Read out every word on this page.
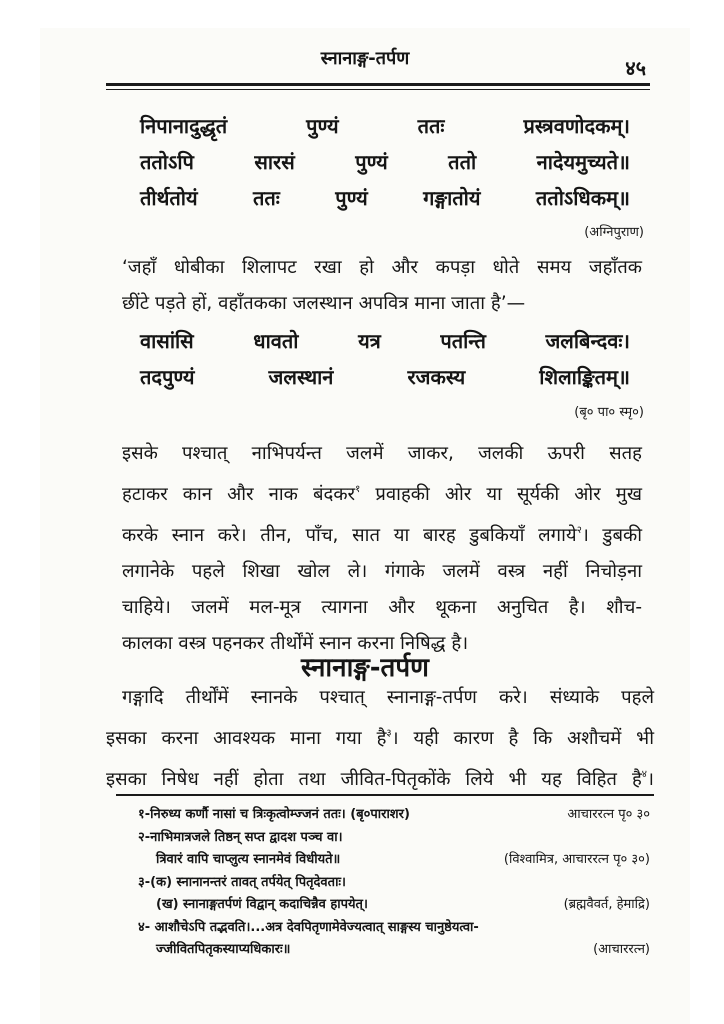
स्नानाङ्ग-तर्पण	४५
निपानादुद्धृतं पुण्यं ततः प्रस्त्रवणोदकम्।
ततोऽपि सारसं पुण्यं ततो नादेयमुच्यते॥
तीर्थतोयं ततः पुण्यं गङ्गातोयं ततोऽधिकम्॥
(अग्निपुराण)
‘जहाँ धोबीका शिलापट रखा हो और कपड़ा धोते समय जहाँतक
छींटे पड़ते हों, वहाँतकका जलस्थान अपवित्र माना जाता है’—
वासांसि धावतो यत्र पतन्ति जलबिन्दवः।
तदपुण्यं जलस्थानं रजकस्य शिलाङ्कितम्॥
(बृ० पा० स्मृ०)
इसके पश्चात् नाभिपर्यन्त जलमें जाकर, जलकी ऊपरी सतह
हटाकर कान और नाक बंदकर$^१$ प्रवाहकी ओर या सूर्यकी ओर मुख
करके स्नान करे। तीन, पाँच, सात या बारह डुबकियाँ लगाये$^२$। डुबकी
लगानेके पहले शिखा खोल ले। गंगाके जलमें वस्त्र नहीं निचोड़ना
चाहिये। जलमें मल-मूत्र त्यागना और थूकना अनुचित है। शौच-
कालका वस्त्र पहनकर तीर्थोंमें स्नान करना निषिद्ध है।
स्नानाङ्ग-तर्पण
गङ्गादि तीर्थोंमें स्नानके पश्चात् स्नानाङ्ग-तर्पण करे। संध्याके पहले
इसका करना आवश्यक माना गया है$^३$। यही कारण है कि अशौचमें भी
इसका निषेध नहीं होता तथा जीवित-पितृकोंके लिये भी यह विहित है$^४$।
१-निरुध्य कर्णौ नासां च त्रिःकृत्वोम्ज्जनं ततः। (बृ०पाराशर)	आचाररत्न पृ० ३०
२-नाभिमात्रजले तिष्ठन् सप्त द्वादश पञ्च वा।
त्रिवारं वापि चाप्लुत्य स्नानमेवं विधीयते॥	(विश्वामित्र, आचाररत्न पृ० ३०)
३-(क) स्नानानन्तरं तावत् तर्पयेत् पितृदेवताः।
(ख) स्नानाङ्गतर्पणं विद्वान् कदाचिन्नैव हापयेत्।	(ब्रह्मवैवर्त, हेमाद्रि)
४- आशौचेऽपि तद्भवति।...अत्र देवपितृणामेवेज्यत्वात् साङ्गस्य चानुष्ठेयत्वा-
ज्जीवितपितृकस्याप्यधिकारः॥	(आचाररत्न)
